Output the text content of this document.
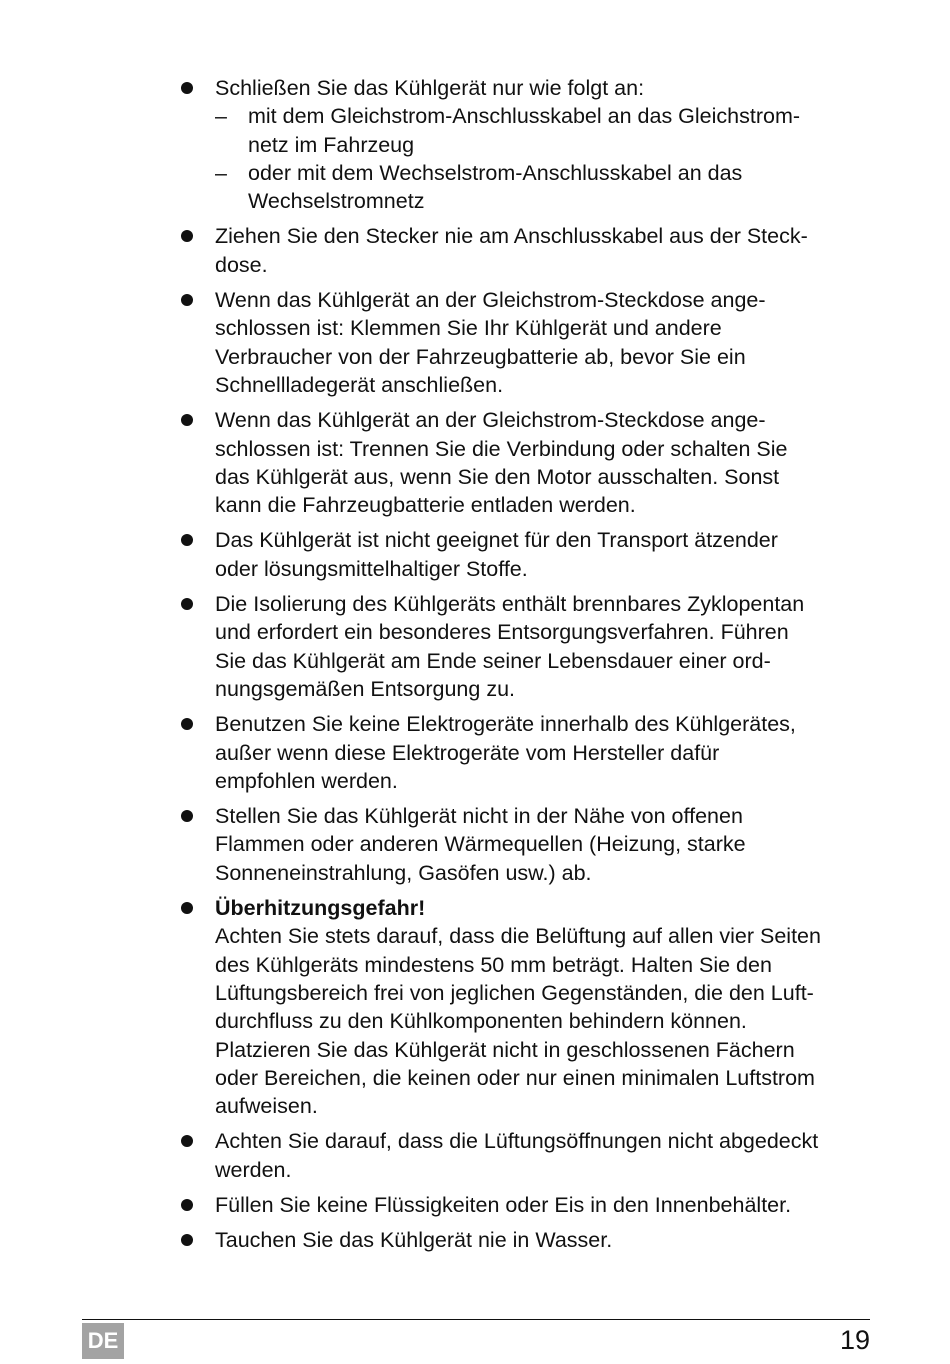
Schließen Sie das Kühlgerät nur wie folgt an:
– mit dem Gleichstrom-Anschlusskabel an das Gleichstrom-
netz im Fahrzeug
– oder mit dem Wechselstrom-Anschlusskabel an das
Wechselstromnetz
Ziehen Sie den Stecker nie am Anschlusskabel aus der Steck-
dose.
Wenn das Kühlgerät an der Gleichstrom-Steckdose ange-
schlossen ist: Klemmen Sie Ihr Kühlgerät und andere
Verbraucher von der Fahrzeugbatterie ab, bevor Sie ein
Schnellladegerät anschließen.
Wenn das Kühlgerät an der Gleichstrom-Steckdose ange-
schlossen ist: Trennen Sie die Verbindung oder schalten Sie
das Kühlgerät aus, wenn Sie den Motor ausschalten. Sonst
kann die Fahrzeugbatterie entladen werden.
Das Kühlgerät ist nicht geeignet für den Transport ätzender
oder lösungsmittelhaltiger Stoffe.
Die Isolierung des Kühlgeräts enthält brennbares Zyklopentan
und erfordert ein besonderes Entsorgungsverfahren. Führen
Sie das Kühlgerät am Ende seiner Lebensdauer einer ord-
nungsgemäßen Entsorgung zu.
Benutzen Sie keine Elektrogeräte innerhalb des Kühlgerätes,
außer wenn diese Elektrogeräte vom Hersteller dafür
empfohlen werden.
Stellen Sie das Kühlgerät nicht in der Nähe von offenen
Flammen oder anderen Wärmequellen (Heizung, starke
Sonneneinstrahlung, Gasöfen usw.) ab.
Überhitzungsgefahr!
Achten Sie stets darauf, dass die Belüftung auf allen vier Seiten
des Kühlgeräts mindestens 50 mm beträgt. Halten Sie den
Lüftungsbereich frei von jeglichen Gegenständen, die den Luft-
durchfluss zu den Kühlkomponenten behindern können.
Platzieren Sie das Kühlgerät nicht in geschlossenen Fächern
oder Bereichen, die keinen oder nur einen minimalen Luftstrom
aufweisen.
Achten Sie darauf, dass die Lüftungsöffnungen nicht abgedeckt
werden.
Füllen Sie keine Flüssigkeiten oder Eis in den Innenbehälter.
Tauchen Sie das Kühlgerät nie in Wasser.
DE	19
